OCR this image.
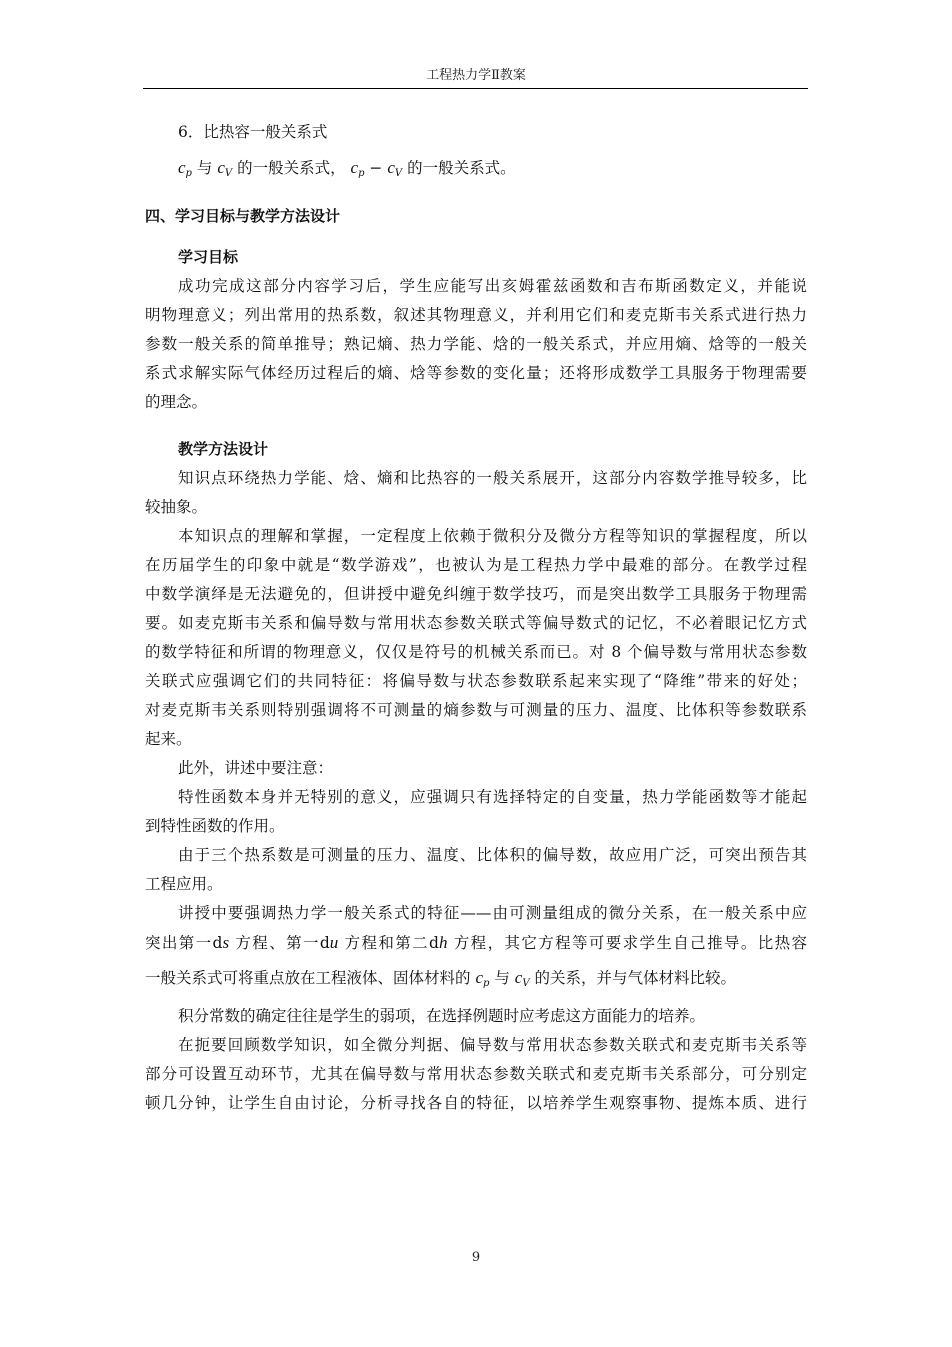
工程热力学Ⅱ教案
6．比热容一般关系式
$c_p$ 与 $c_V$ 的一般关系式， $c_p - c_V$ 的一般关系式。
四、学习目标与教学方法设计
学习目标
成功完成这部分内容学习后，学生应能写出亥姆霍兹函数和吉布斯函数定义，并能说
明物理意义；列出常用的热系数，叙述其物理意义，并利用它们和麦克斯韦关系式进行热力
参数一般关系的简单推导；熟记熵、热力学能、焓的一般关系式，并应用熵、焓等的一般关
系式求解实际气体经历过程后的熵、焓等参数的变化量；还将形成数学工具服务于物理需要
的理念。
教学方法设计
知识点环绕热力学能、焓、熵和比热容的一般关系展开，这部分内容数学推导较多，比
较抽象。
本知识点的理解和掌握，一定程度上依赖于微积分及微分方程等知识的掌握程度，所以
在历届学生的印象中就是“数学游戏”，也被认为是工程热力学中最难的部分。在教学过程
中数学演绎是无法避免的，但讲授中避免纠缠于数学技巧，而是突出数学工具服务于物理需
要。如麦克斯韦关系和偏导数与常用状态参数关联式等偏导数式的记忆，不必着眼记忆方式
的数学特征和所谓的物理意义，仅仅是符号的机械关系而已。对 8 个偏导数与常用状态参数
关联式应强调它们的共同特征：将偏导数与状态参数联系起来实现了“降维”带来的好处；
对麦克斯韦关系则特别强调将不可测量的熵参数与可测量的压力、温度、比体积等参数联系
起来。
此外，讲述中要注意：
特性函数本身并无特别的意义，应强调只有选择特定的自变量，热力学能函数等才能起
到特性函数的作用。
由于三个热系数是可测量的压力、温度、比体积的偏导数，故应用广泛，可突出预告其
工程应用。
讲授中要强调热力学一般关系式的特征——由可测量组成的微分关系，在一般关系中应
突出第一ds 方程、第一du 方程和第二dh 方程，其它方程等可要求学生自己推导。比热容
一般关系式可将重点放在工程液体、固体材料的 $c_p$ 与 $c_V$ 的关系，并与气体材料比较。
积分常数的确定往往是学生的弱项，在选择例题时应考虑这方面能力的培养。
在扼要回顾数学知识，如全微分判据、偏导数与常用状态参数关联式和麦克斯韦关系等
部分可设置互动环节，尤其在偏导数与常用状态参数关联式和麦克斯韦关系部分，可分别定
顿几分钟，让学生自由讨论，分析寻找各自的特征，以培养学生观察事物、提炼本质、进行
9
